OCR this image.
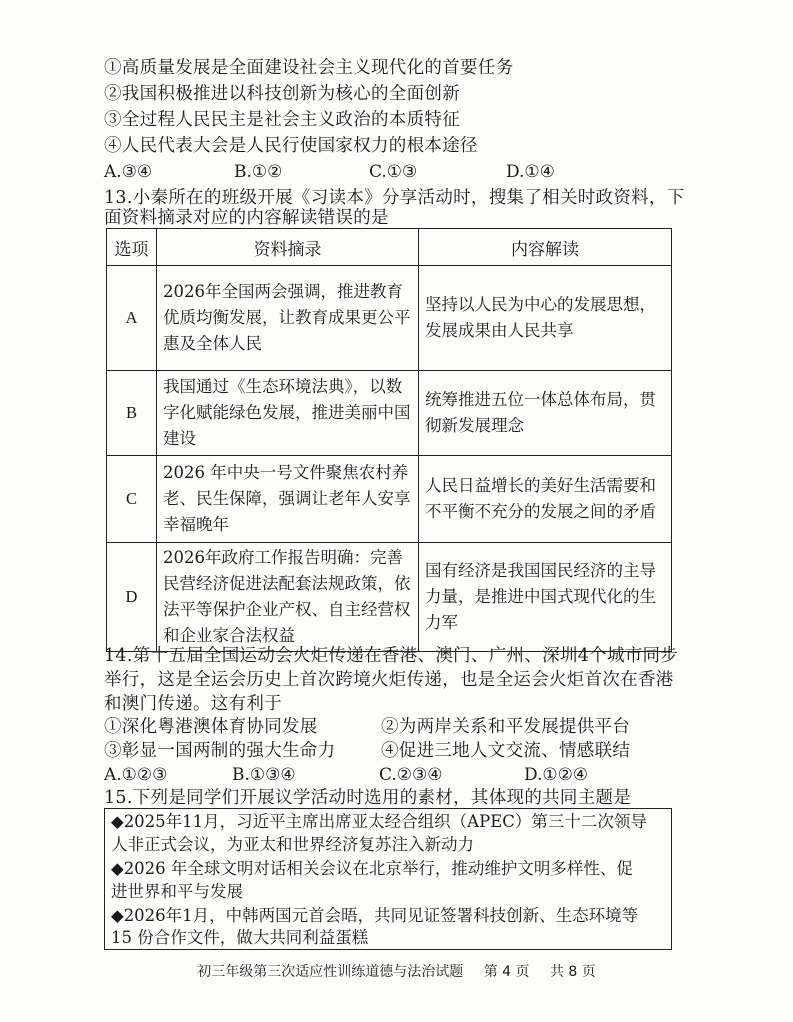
​
①高质量发展是全面建设社会主义现代化的首要任务
②我国积极推进以科技创新为核心的全面创新
③全过程人民民主是社会主义政治的本质特征
④人民代表大会是人民行使国家权力的根本途径
A.③④	B.①②	C.①③	D.①④
13.小秦所在的班级开展《习读本》分享活动时，搜集了相关时政资料，下
面资料摘录对应的内容解读错误的是
选项	资料摘录	内容解读
A	2026年全国两会强调，推进教育优质均衡发展，让教育成果更公平惠及全体人民	坚持以人民为中心的发展思想，发展成果由人民共享

B	我国通过《生态环境法典》，以数字化赋能绿色发展，推进美丽中国建设	统筹推进五位一体总体布局，贯彻新发展理念

C	2026 年中央一号文件聚焦农村养老、民生保障，强调让老年人安享幸福晚年	人民日益增长的美好生活需要和不平衡不充分的发展之间的矛盾

D	2026年政府工作报告明确：完善民营经济促进法配套法规政策，依法平等保护企业产权、自主经营权和企业家合法权益	国有经济是我国国民经济的主导力量，是推进中国式现代化的生力军
14.第十五届全国运动会火炬传递在香港、澳门、广州、深圳4个城市同步
举行，这是全运会历史上首次跨境火炬传递，也是全运会火炬首次在香港
和澳门传递。这有利于
①深化粤港澳体育协同发展	②为两岸关系和平发展提供平台
③彰显一国两制的强大生命力	④促进三地人文交流、情感联结
A.①②③	B.①③④	C.②③④	D.①②④
15.下列是同学们开展议学活动时选用的素材，其体现的共同主题是
◆2025年11月，习近平主席出席亚太经合组织（APEC）第三十二次领导
人非正式会议，为亚太和世界经济复苏注入新动力
◆2026 年全球文明对话相关会议在北京举行，推动维护文明多样性、促
进世界和平与发展
◆2026年1月，中韩两国元首会晤，共同见证签署科技创新、生态环境等
15 份合作文件，做大共同利益蛋糕
初三年级第三次适应性训练道德与法治试题 第 4 页 共 8 页
